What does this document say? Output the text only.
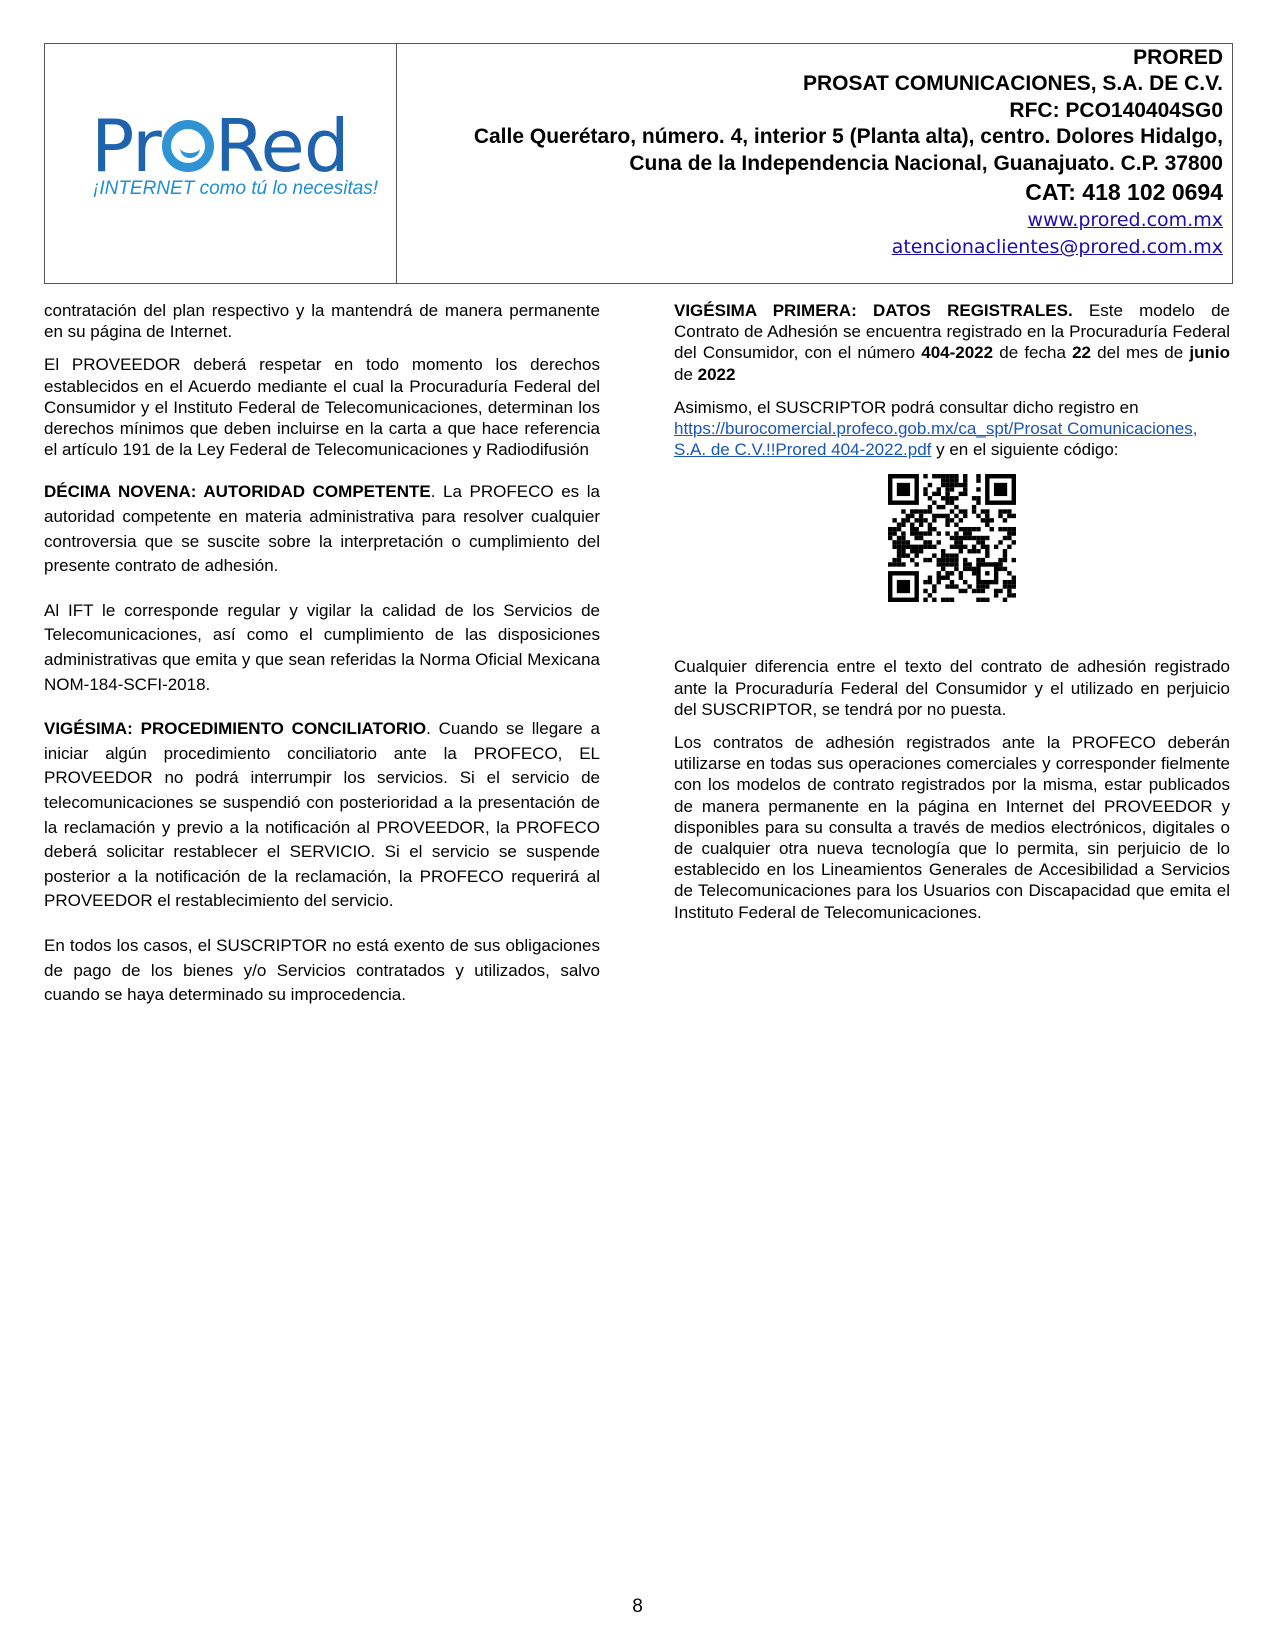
Pr Red
¡INTERNET como tú lo necesitas!
PRORED
PROSAT COMUNICACIONES, S.A. DE C.V.
RFC: PCO140404SG0
Calle Querétaro, número. 4, interior 5 (Planta alta), centro. Dolores Hidalgo,
Cuna de la Independencia Nacional, Guanajuato. C.P. 37800
CAT: 418 102 0694
www.prored.com.mx
atencionaclientes@prored.com.mx

contratación del plan respectivo y la mantendrá de manera permanente en su página de Internet.

El PROVEEDOR deberá respetar en todo momento los derechos establecidos en el Acuerdo mediante el cual la Procuraduría Federal del Consumidor y el Instituto Federal de Telecomunicaciones, determinan los derechos mínimos que deben incluirse en la carta a que hace referencia el artículo 191 de la Ley Federal de Telecomunicaciones y Radiodifusión

DÉCIMA NOVENA: AUTORIDAD COMPETENTE. La PROFECO es la autoridad competente en materia administrativa para resolver cualquier controversia que se suscite sobre la interpretación o cumplimiento del presente contrato de adhesión.

Al IFT le corresponde regular y vigilar la calidad de los Servicios de Telecomunicaciones, así como el cumplimiento de las disposiciones administrativas que emita y que sean referidas la Norma Oficial Mexicana NOM-184-SCFI-2018.

VIGÉSIMA: PROCEDIMIENTO CONCILIATORIO. Cuando se llegare a iniciar algún procedimiento conciliatorio ante la PROFECO, EL PROVEEDOR no podrá interrumpir los servicios. Si el servicio de telecomunicaciones se suspendió con posterioridad a la presentación de la reclamación y previo a la notificación al PROVEEDOR, la PROFECO deberá solicitar restablecer el SERVICIO. Si el servicio se suspende posterior a la notificación de la reclamación, la PROFECO requerirá al PROVEEDOR el restablecimiento del servicio.

En todos los casos, el SUSCRIPTOR no está exento de sus obligaciones de pago de los bienes y/o Servicios contratados y utilizados, salvo cuando se haya determinado su improcedencia.

VIGÉSIMA PRIMERA: DATOS REGISTRALES. Este modelo de Contrato de Adhesión se encuentra registrado en la Procuraduría Federal del Consumidor, con el número 404-2022 de fecha 22 del mes de junio de 2022

Asimismo, el SUSCRIPTOR podrá consultar dicho registro en https://burocomercial.profeco.gob.mx/ca_spt/Prosat Comunicaciones, S.A. de C.V.!!Prored 404-2022.pdf y en el siguiente código:

Cualquier diferencia entre el texto del contrato de adhesión registrado ante la Procuraduría Federal del Consumidor y el utilizado en perjuicio del SUSCRIPTOR, se tendrá por no puesta.

Los contratos de adhesión registrados ante la PROFECO deberán utilizarse en todas sus operaciones comerciales y corresponder fielmente con los modelos de contrato registrados por la misma, estar publicados de manera permanente en la página en Internet del PROVEEDOR y disponibles para su consulta a través de medios electrónicos, digitales o de cualquier otra nueva tecnología que lo permita, sin perjuicio de lo establecido en los Lineamientos Generales de Accesibilidad a Servicios de Telecomunicaciones para los Usuarios con Discapacidad que emita el Instituto Federal de Telecomunicaciones.

8
